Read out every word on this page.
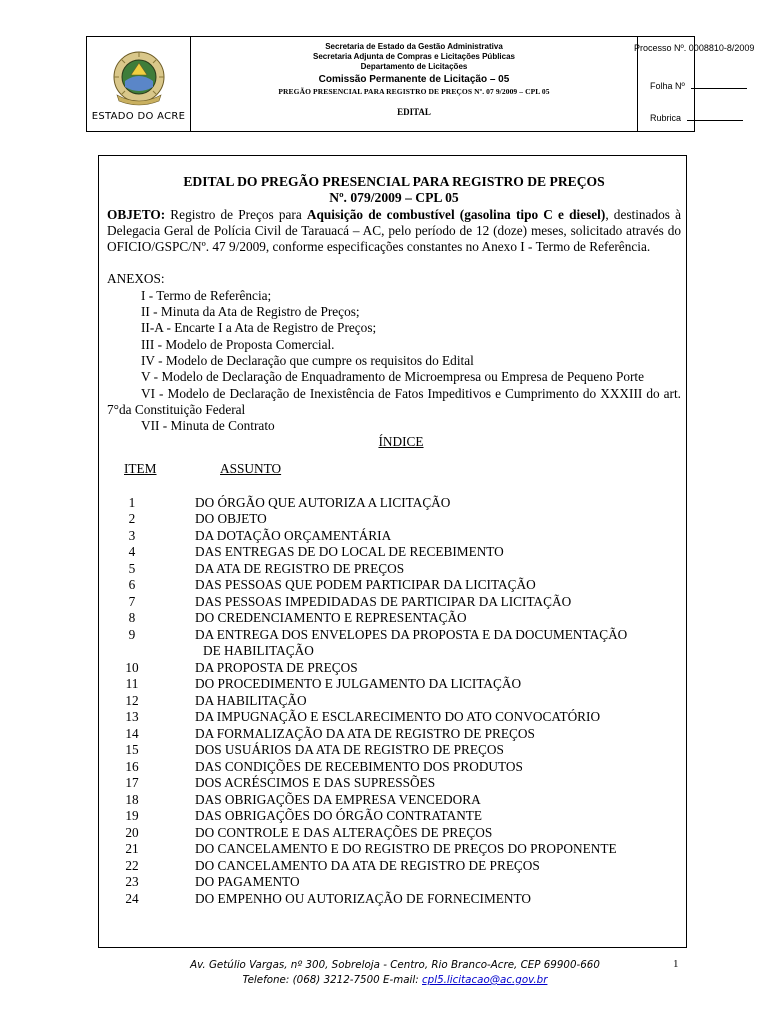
ESTADO DO ACRE
Secretaria de Estado da Gestão Administrativa
Secretaria Adjunta de Compras e Licitações Públicas
Departamento de Licitações
Comissão Permanente de Licitação – 05
PREGÃO PRESENCIAL PARA REGISTRO DE PREÇOS Nº. 07 9/2009 – CPL 05
EDITAL
Processo Nº. 0008810-8/2009
Folha Nº
Rubrica
EDITAL DO PREGÃO PRESENCIAL PARA REGISTRO DE PREÇOS
Nº. 079/2009 – CPL 05

OBJETO: Registro de Preços para Aquisição de combustível (gasolina tipo C e diesel), destinados à Delegacia Geral de Polícia Civil de Tarauacá – AC, pelo período de 12 (doze) meses, solicitado através do OFICIO/GSPC/Nº. 47 9/2009, conforme especificações constantes no Anexo I - Termo de Referência.

ANEXOS:
I - Termo de Referência;
II - Minuta da Ata de Registro de Preços;
II-A - Encarte I a Ata de Registro de Preços;
III - Modelo de Proposta Comercial.
IV - Modelo de Declaração que cumpre os requisitos do Edital
V - Modelo de Declaração de Enquadramento de Microempresa ou Empresa de Pequeno Porte
VI - Modelo de Declaração de Inexistência de Fatos Impeditivos e Cumprimento do XXXIII do art. 7°da Constituição Federal
VII - Minuta de Contrato
ÍNDICE
ITEM	ASSUNTO
1	DO ÓRGÃO QUE AUTORIZA A LICITAÇÃO
2	DO OBJETO
3	DA DOTAÇÃO ORÇAMENTÁRIA
4	DAS ENTREGAS DE DO LOCAL DE RECEBIMENTO
5	DA ATA DE REGISTRO DE PREÇOS
6	DAS PESSOAS QUE PODEM PARTICIPAR DA LICITAÇÃO
7	DAS PESSOAS IMPEDIDADAS DE PARTICIPAR DA LICITAÇÃO
8	DO CREDENCIAMENTO E REPRESENTAÇÃO
9	DA ENTREGA DOS ENVELOPES DA PROPOSTA E DA DOCUMENTAÇÃO
DE HABILITAÇÃO
10	DA PROPOSTA DE PREÇOS
11	DO PROCEDIMENTO E JULGAMENTO DA LICITAÇÃO
12	DA HABILITAÇÃO
13	DA IMPUGNAÇÃO E ESCLARECIMENTO DO ATO CONVOCATÓRIO
14	DA FORMALIZAÇÃO DA ATA DE REGISTRO DE PREÇOS
15	DOS USUÁRIOS DA ATA DE REGISTRO DE PREÇOS
16	DAS CONDIÇÕES DE RECEBIMENTO DOS PRODUTOS
17	DOS ACRÉSCIMOS E DAS SUPRESSÕES
18	DAS OBRIGAÇÕES DA EMPRESA VENCEDORA
19	DAS OBRIGAÇÕES DO ÓRGÃO CONTRATANTE
20	DO CONTROLE E DAS ALTERAÇÕES DE PREÇOS
21	DO CANCELAMENTO E DO REGISTRO DE PREÇOS DO PROPONENTE
22	DO CANCELAMENTO DA ATA DE REGISTRO DE PREÇOS
23	DO PAGAMENTO
24	DO EMPENHO OU AUTORIZAÇÃO DE FORNECIMENTO
Av. Getúlio Vargas, nº 300, Sobreloja - Centro, Rio Branco-Acre, CEP 69900-660
Telefone: (068) 3212-7500 E-mail: cpl5.licitacao@ac.gov.br
1
